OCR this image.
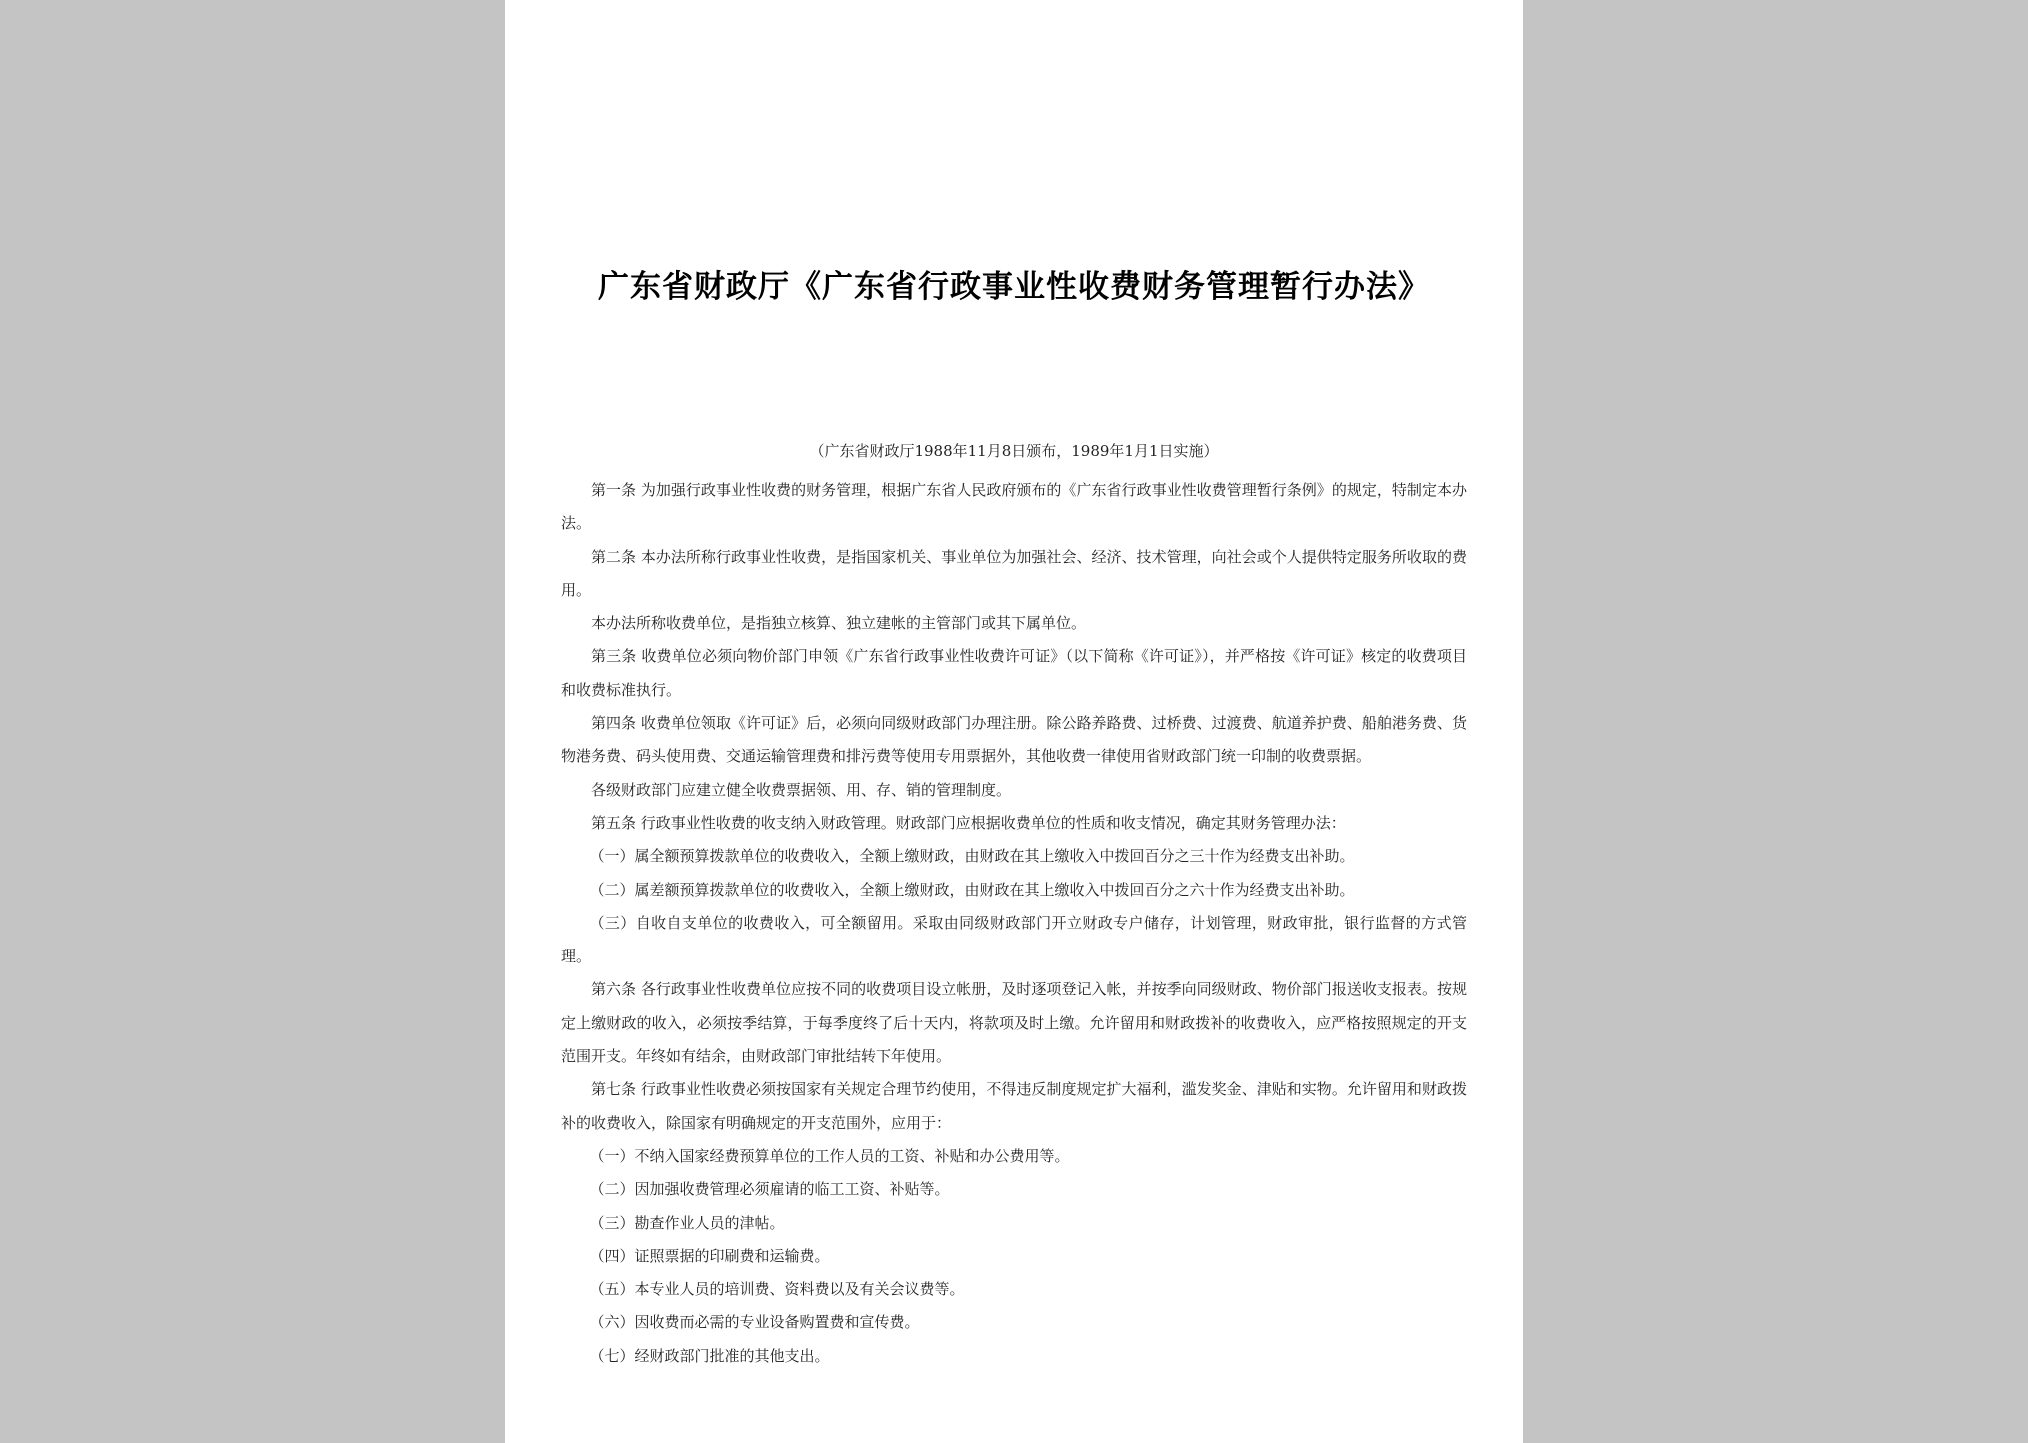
广东省财政厅《广东省行政事业性收费财务管理暂行办法》

（广东省财政厅1988年11月8日颁布，1989年1月1日实施）

第一条 为加强行政事业性收费的财务管理，根据广东省人民政府颁布的《广东省行政事业性收费管理暂行条例》的规定，特制定本办法。

第二条 本办法所称行政事业性收费，是指国家机关、事业单位为加强社会、经济、技术管理，向社会或个人提供特定服务所收取的费用。

本办法所称收费单位，是指独立核算、独立建帐的主管部门或其下属单位。

第三条 收费单位必须向物价部门申领《广东省行政事业性收费许可证》（以下简称《许可证》），并严格按《许可证》核定的收费项目和收费标准执行。

第四条 收费单位领取《许可证》后，必须向同级财政部门办理注册。除公路养路费、过桥费、过渡费、航道养护费、船舶港务费、货物港务费、码头使用费、交通运输管理费和排污费等使用专用票据外，其他收费一律使用省财政部门统一印制的收费票据。

各级财政部门应建立健全收费票据领、用、存、销的管理制度。

第五条 行政事业性收费的收支纳入财政管理。财政部门应根据收费单位的性质和收支情况，确定其财务管理办法：

（一）属全额预算拨款单位的收费收入，全额上缴财政，由财政在其上缴收入中拨回百分之三十作为经费支出补助。

（二）属差额预算拨款单位的收费收入，全额上缴财政，由财政在其上缴收入中拨回百分之六十作为经费支出补助。

（三）自收自支单位的收费收入，可全额留用。采取由同级财政部门开立财政专户储存，计划管理，财政审批，银行监督的方式管理。

第六条 各行政事业性收费单位应按不同的收费项目设立帐册，及时逐项登记入帐，并按季向同级财政、物价部门报送收支报表。按规定上缴财政的收入，必须按季结算，于每季度终了后十天内，将款项及时上缴。允许留用和财政拨补的收费收入，应严格按照规定的开支范围开支。年终如有结余，由财政部门审批结转下年使用。

第七条 行政事业性收费必须按国家有关规定合理节约使用，不得违反制度规定扩大福利，滥发奖金、津贴和实物。允许留用和财政拨补的收费收入，除国家有明确规定的开支范围外，应用于：

（一）不纳入国家经费预算单位的工作人员的工资、补贴和办公费用等。

（二）因加强收费管理必须雇请的临工工资、补贴等。

（三）勘查作业人员的津帖。

（四）证照票据的印刷费和运输费。

（五）本专业人员的培训费、资料费以及有关会议费等。

（六）因收费而必需的专业设备购置费和宣传费。

（七）经财政部门批准的其他支出。
